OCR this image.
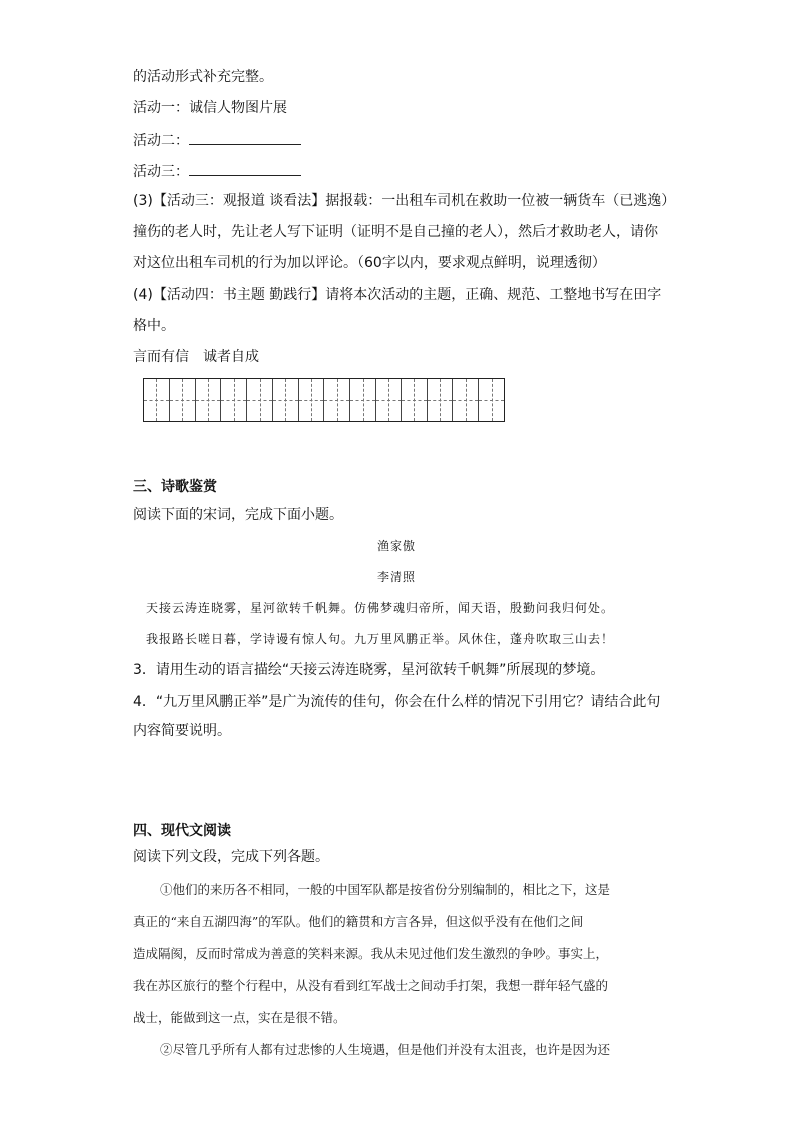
的活动形式补充完整。
活动一：诚信人物图片展
活动二：
活动三：
(3)【活动三：观报道 谈看法】据报载：一出租车司机在救助一位被一辆货车（已逃逸）
撞伤的老人时，先让老人写下证明（证明不是自己撞的老人），然后才救助老人，请你
对这位出租车司机的行为加以评论。（60字以内，要求观点鲜明，说理透彻）
(4)【活动四：书主题 勤践行】请将本次活动的主题，正确、规范、工整地书写在田字
格中。
言而有信　诚者自成
三、诗歌鉴赏
阅读下面的宋词，完成下面小题。
渔家傲
李清照
天接云涛连晓雾，星河欲转千帆舞。仿佛梦魂归帝所，闻天语，殷勤问我归何处。
我报路长嗟日暮，学诗谩有惊人句。九万里风鹏正举。风休住，蓬舟吹取三山去！
3．请用生动的语言描绘“天接云涛连晓雾，星河欲转千帆舞”所展现的梦境。
4．“九万里风鹏正举”是广为流传的佳句，你会在什么样的情况下引用它？请结合此句
内容简要说明。
四、现代文阅读
阅读下列文段，完成下列各题。
①他们的来历各不相同，一般的中国军队都是按省份分别编制的，相比之下，这是
真正的“来自五湖四海”的军队。他们的籍贯和方言各异，但这似乎没有在他们之间
造成隔阂，反而时常成为善意的笑料来源。我从未见过他们发生激烈的争吵。事实上，
我在苏区旅行的整个行程中，从没有看到红军战士之间动手打架，我想一群年轻气盛的
战士，能做到这一点，实在是很不错。
②尽管几乎所有人都有过悲惨的人生境遇，但是他们并没有太沮丧，也许是因为还
